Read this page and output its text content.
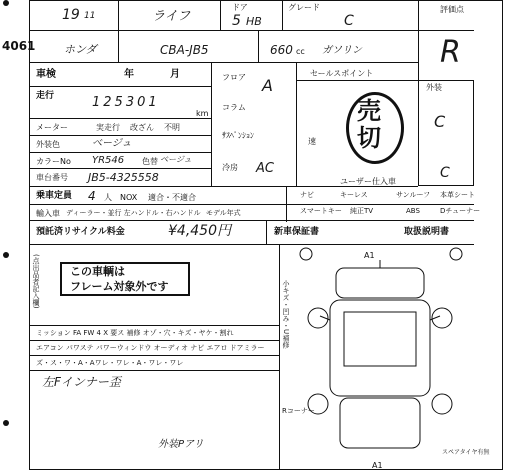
4061
評価点
R
19 11	ライフ
ドア
5 HB
グレード
C
ホンダ	CBA-JB5	660 cc ガソリン
車検	年	月
走行	125301
km
メーター	実走行 改ざん 不明
外装色	ベージュ
カラーNo YR546 色替 ベージュ
車台番号 JB5-4325558
フロア A
コラム
ｻｽﾍﾟﾝｼｮﾝ
冷房 AC
セールスポイント
売
切
速
外装
C
C
ユーザー仕入車
乗車定員 4 人 NOX 適合・不適合
輸入車 ディーラー・並行 左ハンドル・右ハンドル モデル年式
ナビ	キーレス	サンルーフ 本革シート
スマートキー 純正TV	ABS	Dチューナー
預託済リサイクル料金	¥4,450円	新車保証書	取扱説明書
(点出品者記入欄)	この車輌は
フレーム対象外です
ミッション FA FW 4 X 要ス 補修 オゾ・穴・キズ・ヤケ・割れ
エアコン パワステ パワーウィンドウ オーディオ ナビ エアロ ドアミラー
ズ・ス・ワ・A・Aワレ・ワレ・A・ワレ・ワレ
左Fインナー歪
外装Pアリ
小キズ・凹み・U補修
Rコーナー
スペアタイヤ有無
A1
A1
